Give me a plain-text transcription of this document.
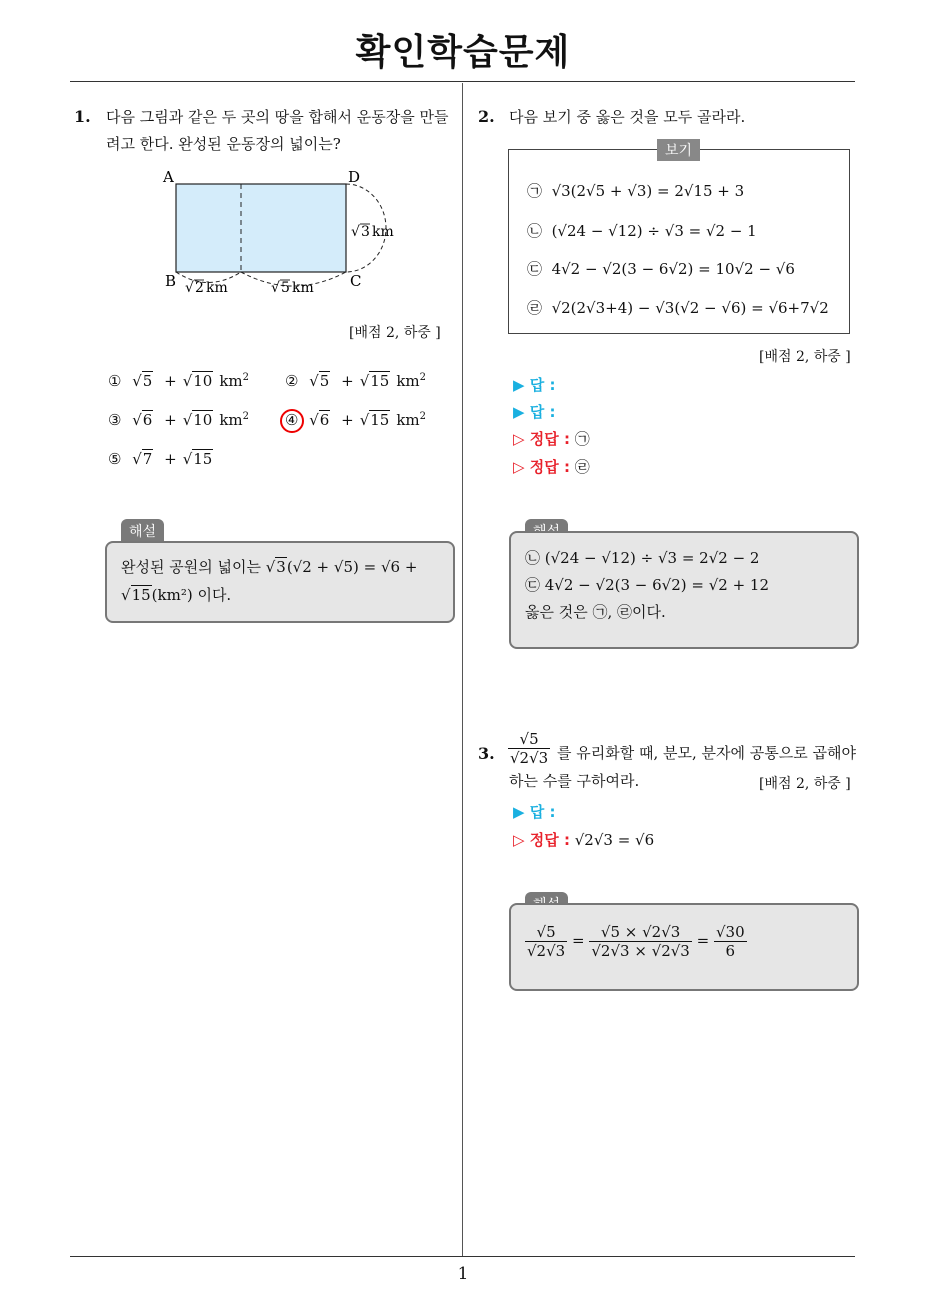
확인학습문제
1
1. 다음 그림과 같은 두 곳의 땅을 합해서 운동장을 만들
려고 한다. 완성된 운동장의 넓이는?
A	D
B	C
√ 3 km
√ 2 km	√ 5 km
[배점 2, 하중 ]
① √5 + √10 $km^2$ ② √5 + √15 $km^2$
③ √6 + √10 $km^2$ ④ √6 + √15 $km^2$
⑤ √7 + √15
해설
완성된 공원의 넓이는 √3(√2 + √5) = √6 +
√15(km²) 이다.
2. 다음 보기 중 옳은 것을 모두 골라라.
㉠ √3(2√5 + √3) = 2√15 + 3
㉡ (√24 − √12) ÷ √3 = √2 − 1
㉢ 4√2 − √2(3 − 6√2) = 10√2 − √6
㉣ √2(2√3+4) − √3(√2 − √6) = √6+7√2
보기
[배점 2, 하중 ]
▶ 답 :
▶ 답 :
▷ 정답 : ㉠
▷ 정답 : ㉣
㉡ (√24 − √12) ÷ √3 = 2√2 − 2
㉢ 4√2 − √2(3 − 6√2) = √2 + 12
옳은 것은 ㉠, ㉣이다.
3. $\frac{√5}{√2√3}$ 를 유리화할 때, 분모, 분자에 공통으로 곱해야
하는 수를 구하여라.	[배점 2, 하중 ]
▶ 답 :
▷ 정답 : √2√3 = √6
$\frac{√5}{√2√3} = \frac{√5 \times √2√3}{√2√3 \times √2√3} = \frac{√30}{6}$
